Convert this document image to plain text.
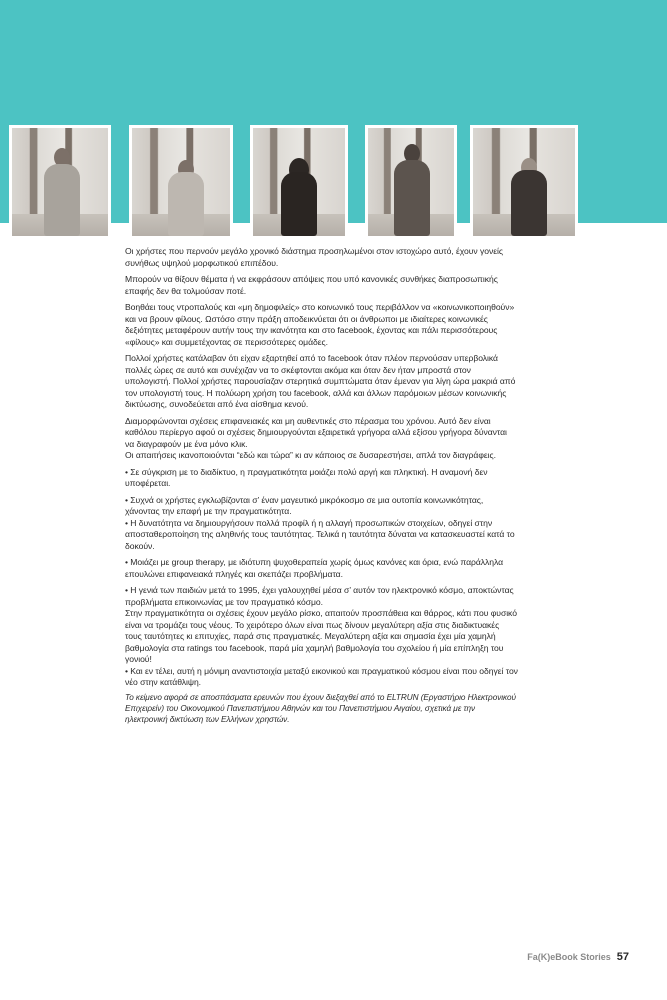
Οι χρήστες που περνούν μεγάλο χρονικό διάστημα προσηλωμένοι στον ιστοχώρο αυτό, έχουν γονείς συνήθως υψηλού μορφωτικού επιπέδου.

Μπορούν να θίξουν θέματα ή να εκφράσουν απόψεις που υπό κανονικές συνθήκες διαπροσωπικής επαφής δεν θα τολμούσαν ποτέ.

Βοηθάει τους ντροπαλούς και «μη δημοφιλείς» στο κοινωνικό τους περιβάλλον να «κοινωνικοποιηθούν» και να βρουν φίλους. Ωστόσο στην πράξη αποδεικνύεται ότι οι άνθρωποι με ιδιαίτερες κοινωνικές δεξιότητες μεταφέρουν αυτήν τους την ικανότητα και στο facebook, έχοντας και πάλι περισσότερους «φίλους» και συμμετέχοντας σε περισσότερες ομάδες.

Πολλοί χρήστες κατάλαβαν ότι είχαν εξαρτηθεί από το facebook όταν πλέον περνούσαν υπερβολικά πολλές ώρες σε αυτό και συνέχιζαν να το σκέφτονται ακόμα και όταν δεν ήταν μπροστά στον υπολογιστή. Πολλοί χρήστες παρουσίαζαν στερητικά συμπτώματα όταν έμεναν για λίγη ώρα μακριά από τον υπολογιστή τους. Η πολύωρη χρήση του facebook, αλλά και άλλων παρόμοιων μέσων κοινωνικής δικτύωσης, συνοδεύεται από ένα αίσθημα κενού.

Διαμορφώνονται σχέσεις επιφανειακές και μη αυθεντικές στο πέρασμα του χρόνου. Αυτό δεν είναι καθόλου περίεργο αφού οι σχέσεις δημιουργούνται εξαιρετικά γρήγορα αλλά εξίσου γρήγορα δύνανται να διαγραφούν με ένα μόνο κλικ.

Οι απαιτήσεις ικανοποιούνται “εδώ και τώρα” κι αν κάποιος σε δυσαρεστήσει, απλά τον διαγράφεις.

• Σε σύγκριση με το διαδίκτυο, η πραγματικότητα μοιάζει πολύ αργή και πληκτική. Η αναμονή δεν υποφέρεται.

• Συχνά οι χρήστες εγκλωβίζονται σ’ έναν μαγευτικό μικρόκοσμο σε μια ουτοπία κοινωνικότητας, χάνοντας την επαφή με την πραγματικότητα.

• Η δυνατότητα να δημιουργήσουν πολλά προφίλ ή η αλλαγή προσωπικών στοιχείων, οδηγεί στην αποσταθεροποίηση της αληθινής τους ταυτότητας. Τελικά η ταυτότητα δύναται να κατασκευαστεί κατά το δοκούν.

• Μοιάζει με group therapy, με ιδιότυπη ψυχοθεραπεία χωρίς όμως κανόνες και όρια, ενώ παράλληλα επουλώνει επιφανειακά πληγές και σκεπάζει προβλήματα.

• Η γενιά των παιδιών μετά το 1995, έχει γαλουχηθεί μέσα σ’ αυτόν τον ηλεκτρονικό κόσμο, αποκτώντας προβλήματα επικοινωνίας με τον πραγματικό κόσμο.

Στην πραγματικότητα οι σχέσεις έχουν μεγάλο ρίσκο, απαιτούν προσπάθεια και θάρρος, κάτι που φυσικό είναι να τρομάζει τους νέους. Το χειρότερο όλων είναι πως δίνουν μεγαλύτερη αξία στις διαδικτυακές τους ταυτότητες κι επιτυχίες, παρά στις πραγματικές. Μεγαλύτερη αξία και σημασία έχει μία χαμηλή βαθμολογία στα ratings του facebook, παρά μία χαμηλή βαθμολογία του σχολείου ή μία επίπληξη του γονιού!

• Και εν τέλει, αυτή η μόνιμη αναντιστοιχία μεταξύ εικονικού και πραγματικού κόσμου είναι που οδηγεί τον νέο στην κατάθλιψη.

Το κείμενο αφορά σε αποσπάσματα ερευνών που έχουν διεξαχθεί από το ELTRUN (Εργαστήριο Ηλεκτρονικού Επιχειρείν) του Οικονομικού Πανεπιστήμιου Αθηνών και του Πανεπιστήμιου Αιγαίου, σχετικά με την ηλεκτρονική δικτύωση των Ελλήνων χρηστών.

Fa(K)eBook Stories 57
